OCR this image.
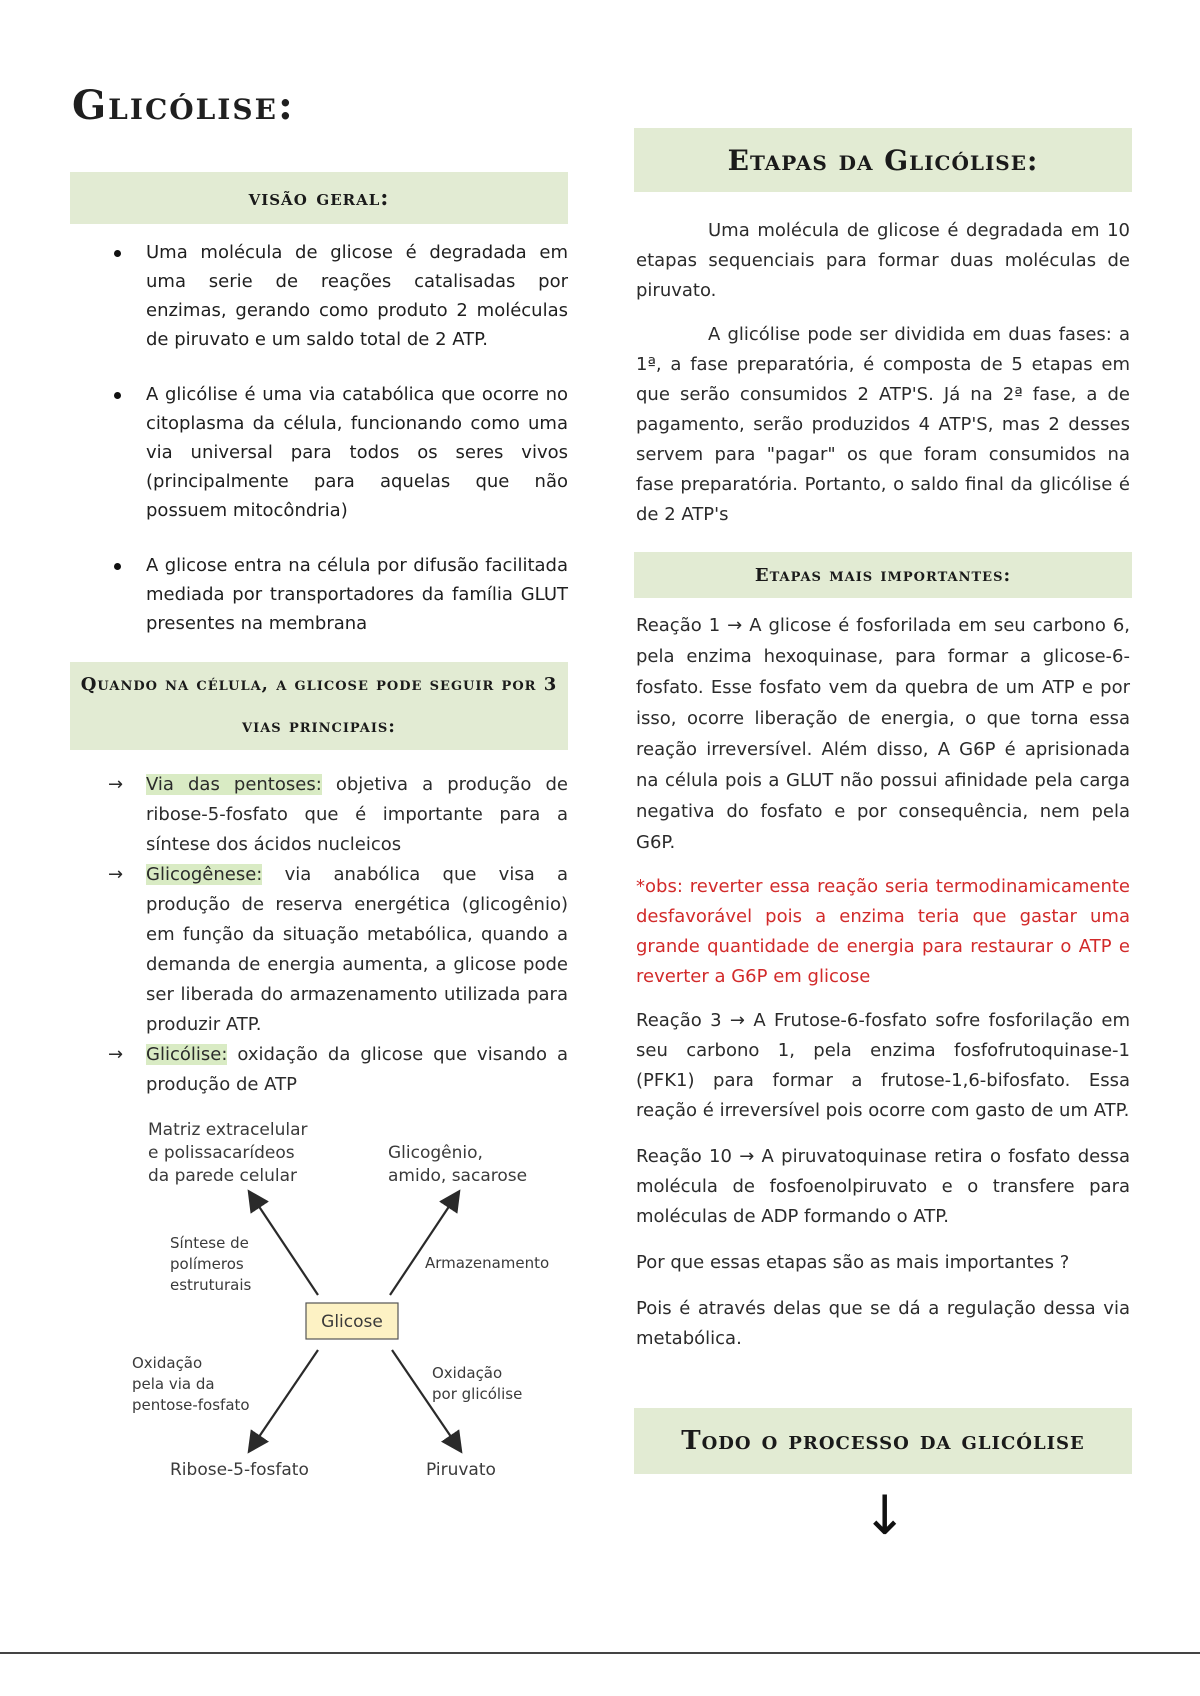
Glicólise:
visão geral:
Uma molécula de glicose é degradada em uma serie de reações catalisadas por enzimas, gerando como produto 2 moléculas de piruvato e um saldo total de 2 ATP.
A glicólise é uma via catabólica que ocorre no citoplasma da célula, funcionando como uma via universal para todos os seres vivos (principalmente para aquelas que não possuem mitocôndria)
A glicose entra na célula por difusão facilitada mediada por transportadores da família GLUT presentes na membrana
Quando na célula, a glicose pode seguir por 3 vias principais:
→ Via das pentoses: objetiva a produção de ribose-5-fosfato que é importante para a síntese dos ácidos nucleicos
→ Glicogênese: via anabólica que visa a produção de reserva energética (glicogênio) em função da situação metabólica, quando a demanda de energia aumenta, a glicose pode ser liberada do armazenamento utilizada para produzir ATP.
→ Glicólise: oxidação da glicose que visando a produção de ATP
Matriz extracelular
e polissacarídeos
da parede celular
Glicogênio,
amido, sacarose
Síntese de
polímeros
estruturais
Armazenamento
Glicose
Oxidação
pela via da
pentose-fosfato
Oxidação
por glicólise
Ribose-5-fosfato	Piruvato
Etapas da Glicólise:

Uma molécula de glicose é degradada em 10 etapas sequenciais para formar duas moléculas de piruvato.

A glicólise pode ser dividida em duas fases: a 1ª, a fase preparatória, é composta de 5 etapas em que serão consumidos 2 ATP'S. Já na 2ª fase, a de pagamento, serão produzidos 4 ATP'S, mas 2 desses servem para "pagar" os que foram consumidos na fase preparatória. Portanto, o saldo final da glicólise é de 2 ATP's

Etapas mais importantes:

Reação 1 → A glicose é fosforilada em seu carbono 6, pela enzima hexoquinase, para formar a glicose-6-fosfato. Esse fosfato vem da quebra de um ATP e por isso, ocorre liberação de energia, o que torna essa reação irreversível. Além disso, A G6P é aprisionada na célula pois a GLUT não possui afinidade pela carga negativa do fosfato e por consequência, nem pela G6P.

*obs: reverter essa reação seria termodinamicamente desfavorável pois a enzima teria que gastar uma grande quantidade de energia para restaurar o ATP e reverter a G6P em glicose

Reação 3 → A Frutose-6-fosfato sofre fosforilação em seu carbono 1, pela enzima fosfofrutoquinase-1 (PFK1) para formar a frutose-1,6-bifosfato. Essa reação é irreversível pois ocorre com gasto de um ATP.

Reação 10 → A piruvatoquinase retira o fosfato dessa molécula de fosfoenolpiruvato e o transfere para moléculas de ADP formando o ATP.

Por que essas etapas são as mais importantes ?

Pois é através delas que se dá a regulação dessa via metabólica.

Todo o processo da glicólise
↓
